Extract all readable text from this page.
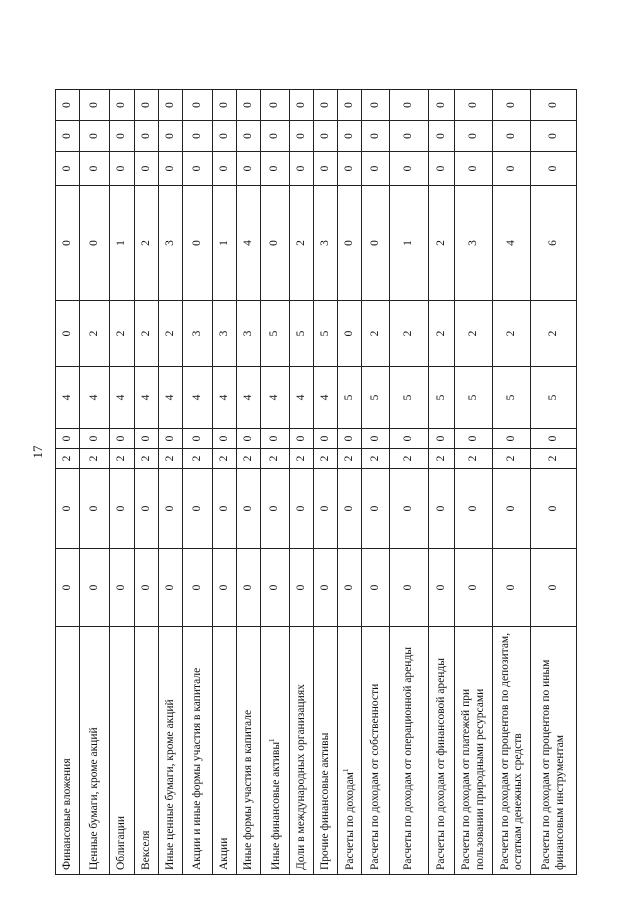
17
Финансовые вложения	0	0	2	0	4	0	0	0	0	0
Ценные бумаги, кроме акций	0	0	2	0	4	2	0	0	0	0
Облигации	0	0	2	0	4	2	1	0	0	0
Векселя	0	0	2	0	4	2	2	0	0	0
Иные ценные бумаги, кроме акций	0	0	2	0	4	2	3	0	0	0
Акции и иные формы участия в капитале	0	0	2	0	4	3	0	0	0	0
Акции	0	0	2	0	4	3	1	0	0	0
Иные формы участия в капитале	0	0	2	0	4	3	4	0	0	0
Иные финансовые активы$^1$	0	0	2	0	4	5	0	0	0	0
Доли в международных организациях	0	0	2	0	4	5	2	0	0	0
Прочие финансовые активы	0	0	2	0	4	5	3	0	0	0
Расчеты по доходам$^1$	0	0	2	0	5	0	0	0	0	0
Расчеты по доходам от собственности	0	0	2	0	5	2	0	0	0	0
Расчеты по доходам от операционной аренды	0	0	2	0	5	2	1	0	0	0
Расчеты по доходам от финансовой аренды	0	0	2	0	5	2	2	0	0	0
Расчеты по доходам от платежей при пользовании природными ресурсами	0	0	2	0	5	2	3	0	0	0
Расчеты по доходам от процентов по депозитам, остаткам денежных средств	0	0	2	0	5	2	4	0	0	0
Расчеты по доходам от процентов по иным финансовым инструментам	0	0	2	0	5	2	6	0	0	0
